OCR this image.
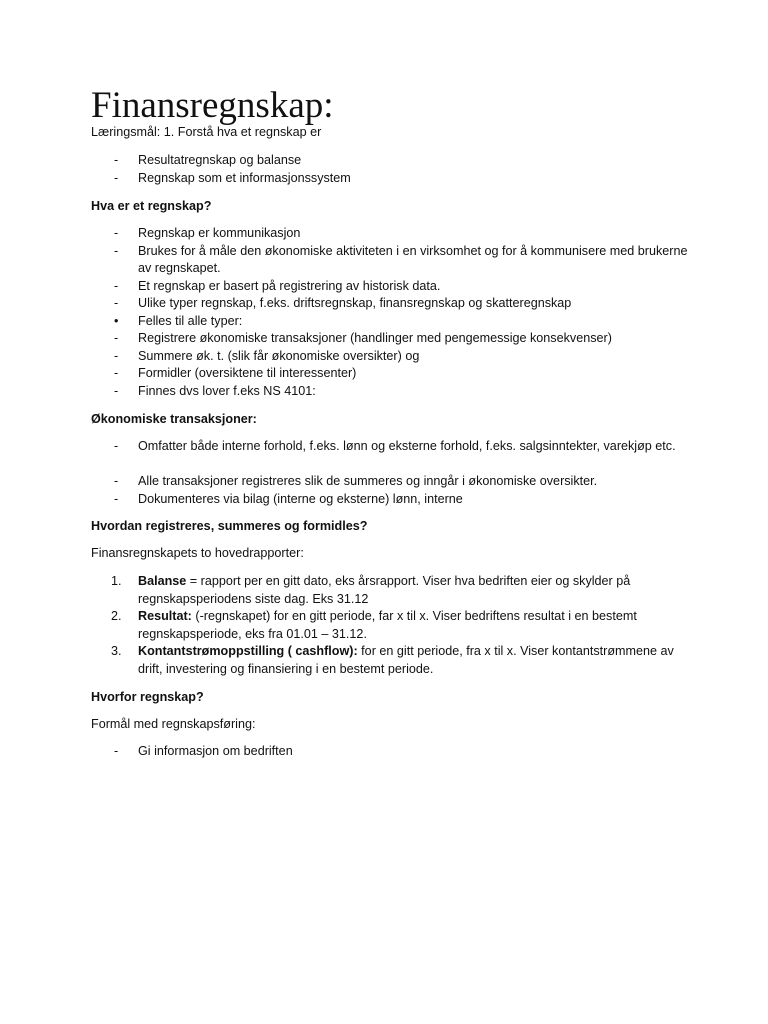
Finansregnskap:
Læringsmål: 1. Forstå hva et regnskap er
-	Resultatregnskap og balanse
-	Regnskap som et informasjonssystem
Hva er et regnskap?
-	Regnskap er kommunikasjon
-	Brukes for å måle den økonomiske aktiviteten i en virksomhet og for å kommunisere med brukerne av regnskapet.
-	Et regnskap er basert på registrering av historisk data.
-	Ulike typer regnskap, f.eks. driftsregnskap, finansregnskap og skatteregnskap
•	Felles til alle typer:
-	Registrere økonomiske transaksjoner (handlinger med pengemessige konsekvenser)
-	Summere øk. t. (slik får økonomiske oversikter) og
-	Formidler (oversiktene til interessenter)
-	Finnes dvs lover f.eks NS 4101:
Økonomiske transaksjoner:
-	Omfatter både interne forhold, f.eks. lønn og eksterne forhold, f.eks. salgsinntekter, varekjøp etc.
-	Alle transaksjoner registreres slik de summeres og inngår i økonomiske oversikter.
-	Dokumenteres via bilag (interne og eksterne) lønn, interne
Hvordan registreres, summeres og formidles?
Finansregnskapets to hovedrapporter:
1.	Balanse = rapport per en gitt dato, eks årsrapport. Viser hva bedriften eier og skylder på regnskapsperiodens siste dag. Eks 31.12
2.	Resultat: (-regnskapet) for en gitt periode, far x til x. Viser bedriftens resultat i en bestemt regnskapsperiode, eks fra 01.01 – 31.12.
3.	Kontantstrømoppstilling ( cashflow): for en gitt periode, fra x til x. Viser kontantstrømmene av drift, investering og finansiering i en bestemt periode.
Hvorfor regnskap?
Formål med regnskapsføring:
-	Gi informasjon om bedriften
